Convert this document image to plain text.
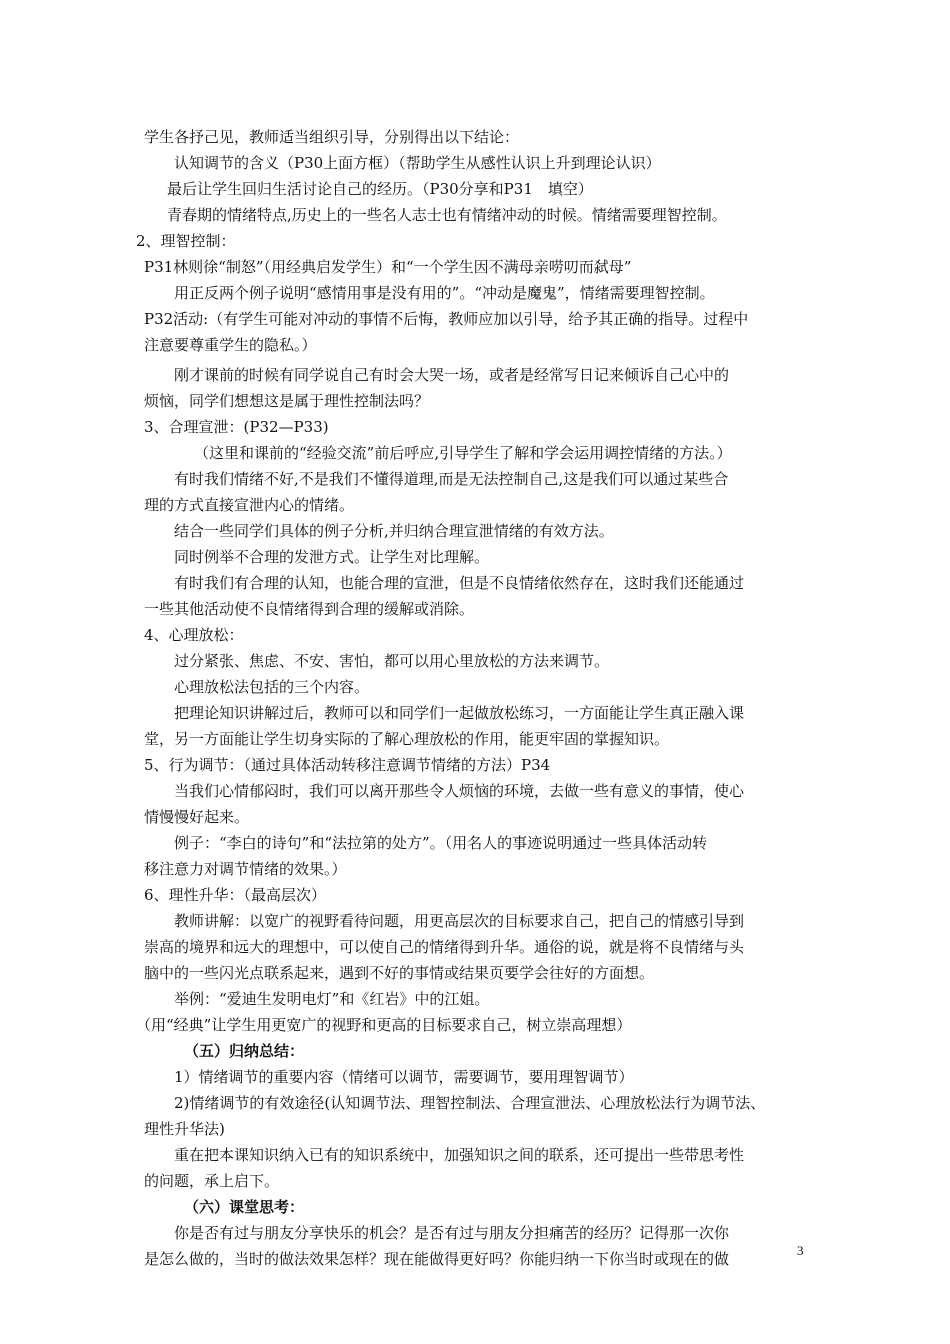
学生各抒己见，教师适当组织引导，分别得出以下结论：
认知调节的含义（P30上面方框）（帮助学生从感性认识上升到理论认识）
最后让学生回归生活讨论自己的经历。（P30分享和P31　填空）
青春期的情绪特点,历史上的一些名人志士也有情绪冲动的时候。情绪需要理智控制。
2、理智控制：
P31林则徐“制怒”（用经典启发学生）和“一个学生因不满母亲唠叨而弑母”
用正反两个例子说明“感情用事是没有用的”。“冲动是魔鬼”，情绪需要理智控制。
P32活动:（有学生可能对冲动的事情不后悔，教师应加以引导，给予其正确的指导。过程中
注意要尊重学生的隐私。）
刚才课前的时候有同学说自己有时会大哭一场，或者是经常写日记来倾诉自己心中的
烦恼，同学们想想这是属于理性控制法吗？
3、合理宣泄：(P32—P33)
（这里和课前的“经验交流”前后呼应,引导学生了解和学会运用调控情绪的方法。）
有时我们情绪不好,不是我们不懂得道理,而是无法控制自己,这是我们可以通过某些合
理的方式直接宣泄内心的情绪。
结合一些同学们具体的例子分析,并归纳合理宣泄情绪的有效方法。
同时例举不合理的发泄方式。让学生对比理解。
有时我们有合理的认知，也能合理的宣泄，但是不良情绪依然存在，这时我们还能通过
一些其他活动使不良情绪得到合理的缓解或消除。
4、心理放松：
过分紧张、焦虑、不安、害怕，都可以用心里放松的方法来调节。
心理放松法包括的三个内容。
把理论知识讲解过后，教师可以和同学们一起做放松练习，一方面能让学生真正融入课
堂，另一方面能让学生切身实际的了解心理放松的作用，能更牢固的掌握知识。
5、行为调节：（通过具体活动转移注意调节情绪的方法）P34
当我们心情郁闷时，我们可以离开那些令人烦恼的环境，去做一些有意义的事情，使心
情慢慢好起来。
例子：“李白的诗句”和“法拉第的处方”。（用名人的事迹说明通过一些具体活动转
移注意力对调节情绪的效果。）
6、理性升华：（最高层次）
教师讲解：以宽广的视野看待问题，用更高层次的目标要求自己，把自己的情感引导到
崇高的境界和远大的理想中，可以使自己的情绪得到升华。通俗的说，就是将不良情绪与头
脑中的一些闪光点联系起来，遇到不好的事情或结果页要学会往好的方面想。
举例：“爱迪生发明电灯”和《红岩》中的江姐。
（用“经典”让学生用更宽广的视野和更高的目标要求自己，树立崇高理想）
（五）归纳总结：
1）情绪调节的重要内容（情绪可以调节，需要调节，要用理智调节）
2)情绪调节的有效途径(认知调节法、理智控制法、合理宣泄法、心理放松法行为调节法、
理性升华法)
重在把本课知识纳入已有的知识系统中，加强知识之间的联系，还可提出一些带思考性
的问题，承上启下。
（六）课堂思考：
你是否有过与朋友分享快乐的机会？是否有过与朋友分担痛苦的经历？记得那一次你
是怎么做的，当时的做法效果怎样？现在能做得更好吗？你能归纳一下你当时或现在的做	3
